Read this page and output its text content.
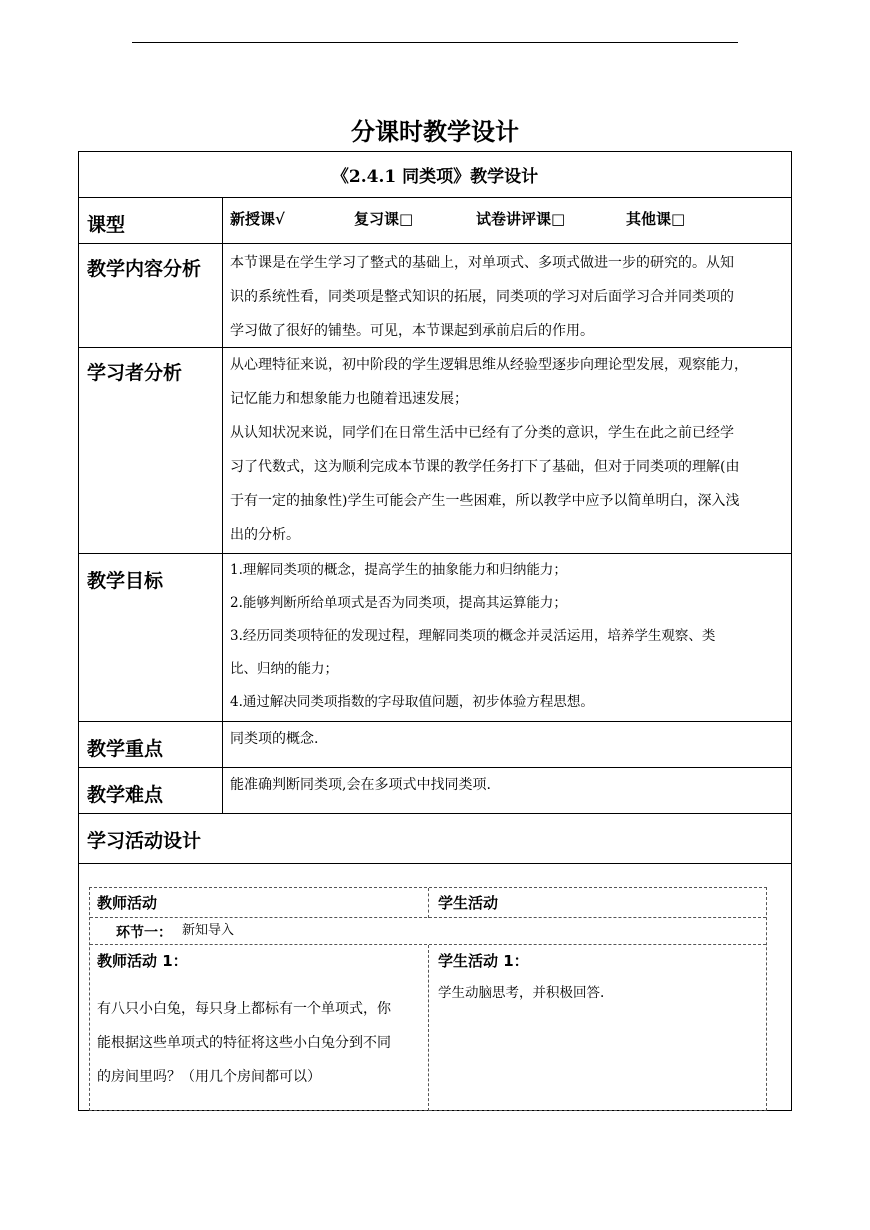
分课时教学设计
《2.4.1 同类项》教学设计
课型	新授课√	复习课□	试卷讲评课□	其他课□
教学内容分析 本节课是在学生学习了整式的基础上，对单项式、多项式做进一步的研究的。从知

识的系统性看，同类项是整式知识的拓展，同类项的学习对后面学习合并同类项的

学习做了很好的铺垫。可见，本节课起到承前启后的作用。

学习者分析	从心理特征来说，初中阶段的学生逻辑思维从经验型逐步向理论型发展，观察能力，

记忆能力和想象能力也随着迅速发展；

从认知状况来说，同学们在日常生活中已经有了分类的意识，学生在此之前已经学

习了代数式，这为顺利完成本节课的教学任务打下了基础，但对于同类项的理解(由

于有一定的抽象性)学生可能会产生一些困难，所以教学中应予以简单明白，深入浅

出的分析。

教学目标	1.理解同类项的概念，提高学生的抽象能力和归纳能力；

2.能够判断所给单项式是否为同类项，提高其运算能力；

3.经历同类项特征的发现过程，理解同类项的概念并灵活运用，培养学生观察、类

比、归纳的能力；

4.通过解决同类项指数的字母取值问题，初步体验方程思想。

教学重点	同类项的概念.
教学难点	能准确判断同类项,会在多项式中找同类项.
学习活动设计
教师活动	学生活动
环节一： 新知导入
教师活动 1：

有八只小白兔，每只身上都标有一个单项式，你

能根据这些单项式的特征将这些小白兔分到不同

的房间里吗？（用几个房间都可以）

学生活动 1：
学生动脑思考，并积极回答.
